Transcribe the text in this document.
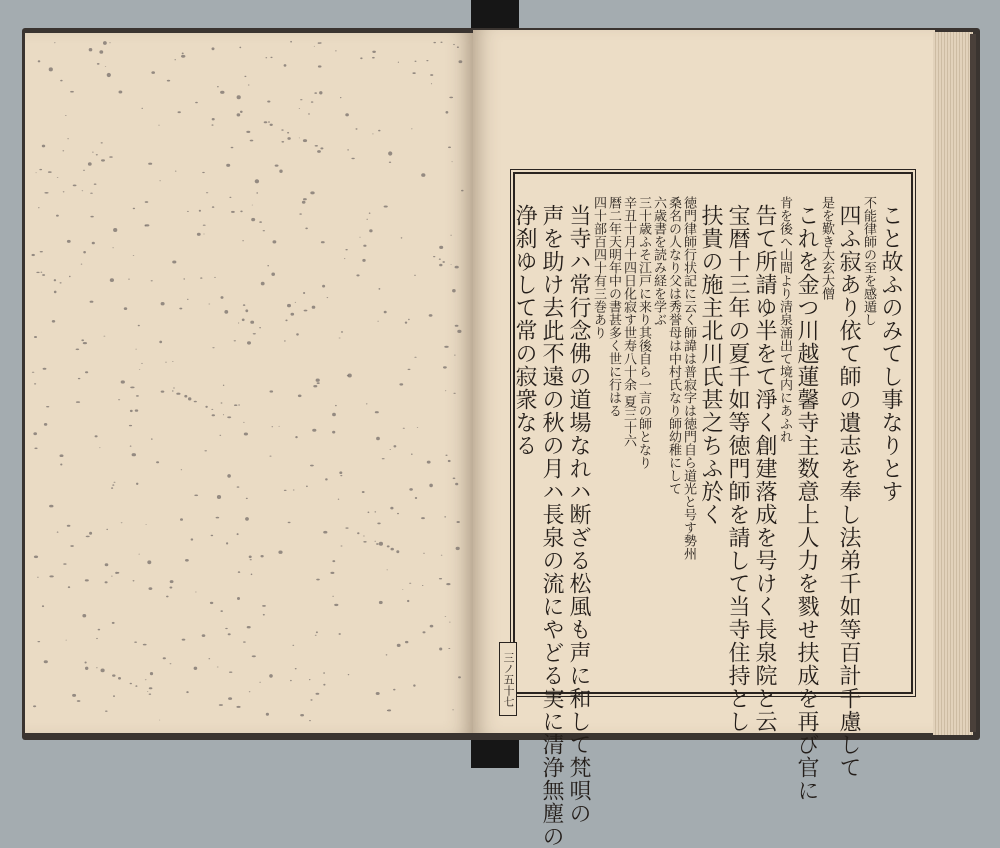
こと故ふのみてし事なりとす
不能律師の至を感遁し
四ふ寂あり依て師の遺志を奉し法弟千如等百計千慮して
是を歎き大玄大僧
これを金つ川越蓮馨寺主数意上人力を戮せ扶成を再び官に
肯を後へ山間より清泉涌出て境内にあふれ
告て所請ゆ半をて淨く創建落成を号けく長泉院と云
宝暦十三年の夏千如等徳門師を請して当寺住持とし
扶貴の施主北川氏甚之ちふ於く
徳門律師行状記に云く師諱は普寂字は徳門自ら道光と号す勢州
桑名の人なり父は秀誉母は中村氏なり師幼稚にして
六歳書を読み経を学ぶ
三十歳ふそ江戸に来り其後自ら一言の師となり
辛丑十月十四日化寂す世寿八十余 夏三十六
暦二年天明年中の書甚多く世に行はる
四十部百四十有三巻あり
当寺ハ常行念佛の道場なれハ断ざる松風も声に和して梵唄の
声を助け去此不遠の秋の月ハ長泉の流にやどる実に清浄無塵の
浄刹ゆして常の寂衆なる
三ノ五十七
